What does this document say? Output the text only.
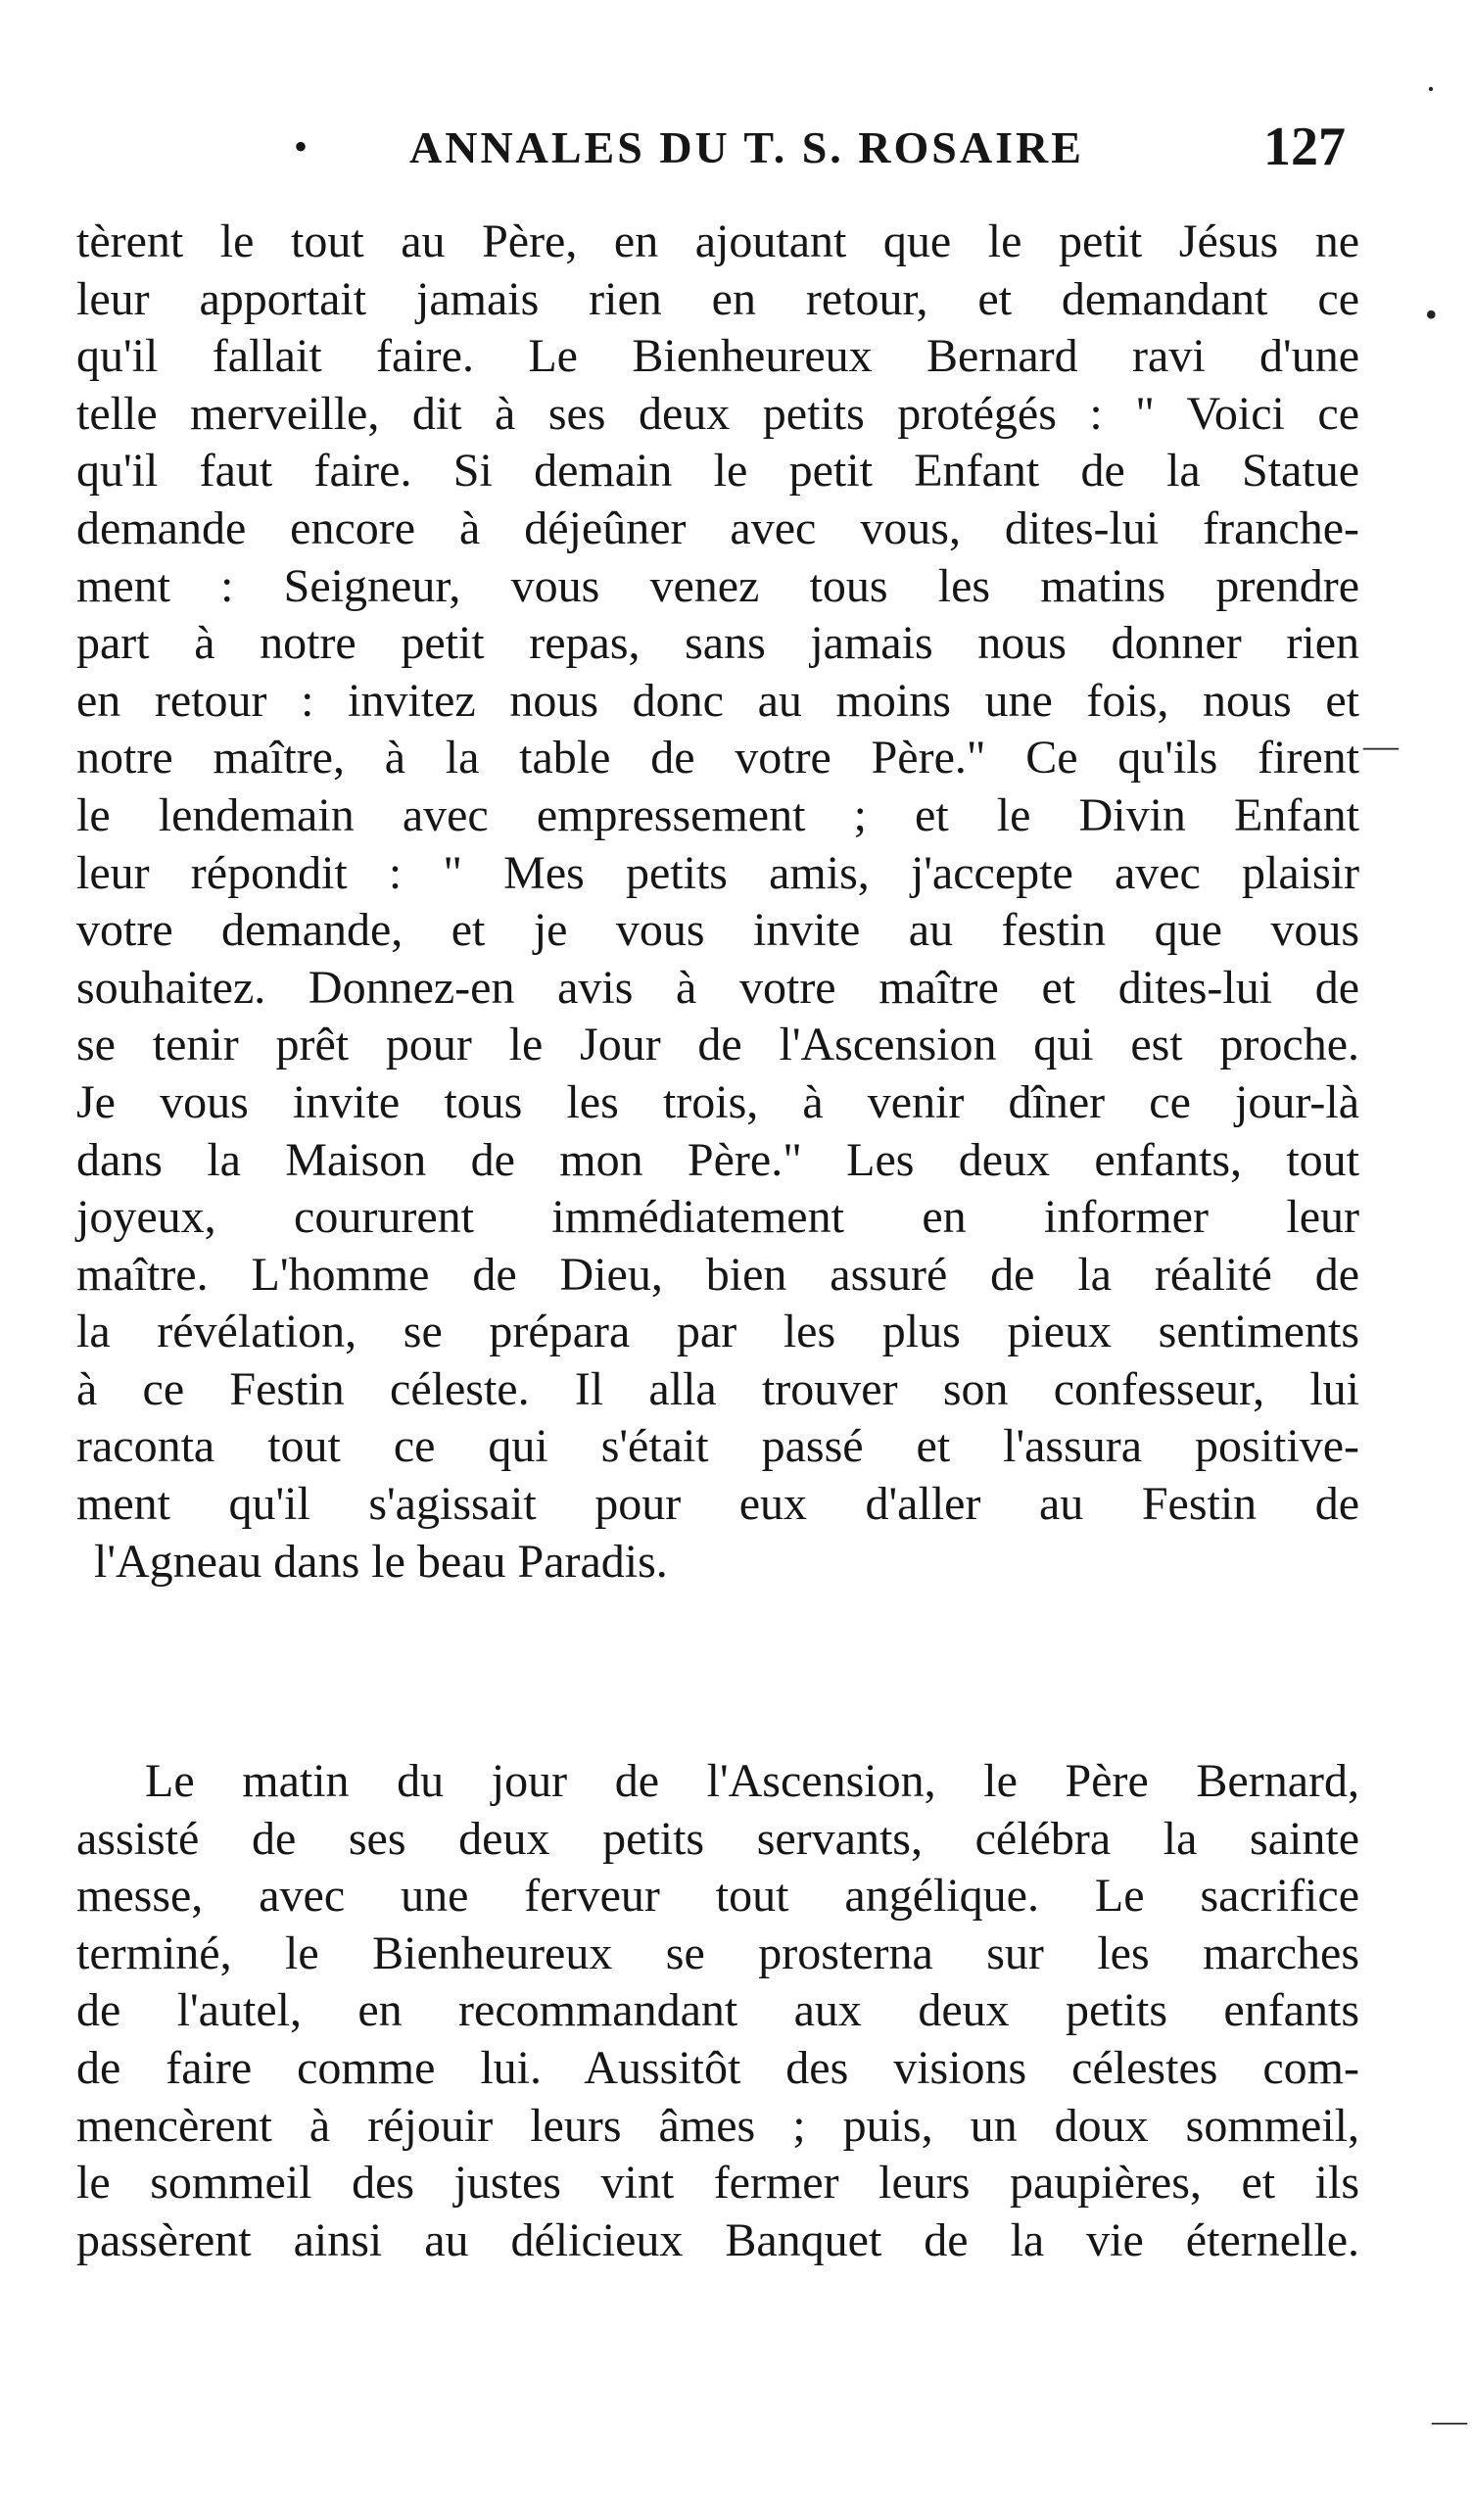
• ANNALES DU T. S. ROSAIRE	127
·
•
—
—
tèrent le tout au Père, en ajoutant que le petit Jésus ne
leur apportait jamais rien en retour, et demandant ce
qu'il fallait faire. Le Bienheureux Bernard ravi d'une
telle merveille, dit à ses deux petits protégés : " Voici ce
qu'il faut faire. Si demain le petit Enfant de la Statue
demande encore à déjeûner avec vous, dites-lui franche-
ment : Seigneur, vous venez tous les matins prendre
part à notre petit repas, sans jamais nous donner rien
en retour : invitez nous donc au moins une fois, nous et
notre maître, à la table de votre Père." Ce qu'ils firent
le lendemain avec empressement ; et le Divin Enfant
leur répondit : " Mes petits amis, j'accepte avec plaisir
votre demande, et je vous invite au festin que vous
souhaitez. Donnez-en avis à votre maître et dites-lui de
se tenir prêt pour le Jour de l'Ascension qui est proche.
Je vous invite tous les trois, à venir dîner ce jour-là
dans la Maison de mon Père." Les deux enfants, tout
joyeux, coururent immédiatement en informer leur
maître. L'homme de Dieu, bien assuré de la réalité de
la révélation, se prépara par les plus pieux sentiments
à ce Festin céleste. Il alla trouver son confesseur, lui
raconta tout ce qui s'était passé et l'assura positive-
ment qu'il s'agissait pour eux d'aller au Festin de
l'Agneau dans le beau Paradis.
Le matin du jour de l'Ascension, le Père Bernard,
assisté de ses deux petits servants, célébra la sainte
messe, avec une ferveur tout angélique. Le sacrifice
terminé, le Bienheureux se prosterna sur les marches
de l'autel, en recommandant aux deux petits enfants
de faire comme lui. Aussitôt des visions célestes com-
mencèrent à réjouir leurs âmes ; puis, un doux sommeil,
le sommeil des justes vint fermer leurs paupières, et ils
passèrent ainsi au délicieux Banquet de la vie éternelle.
